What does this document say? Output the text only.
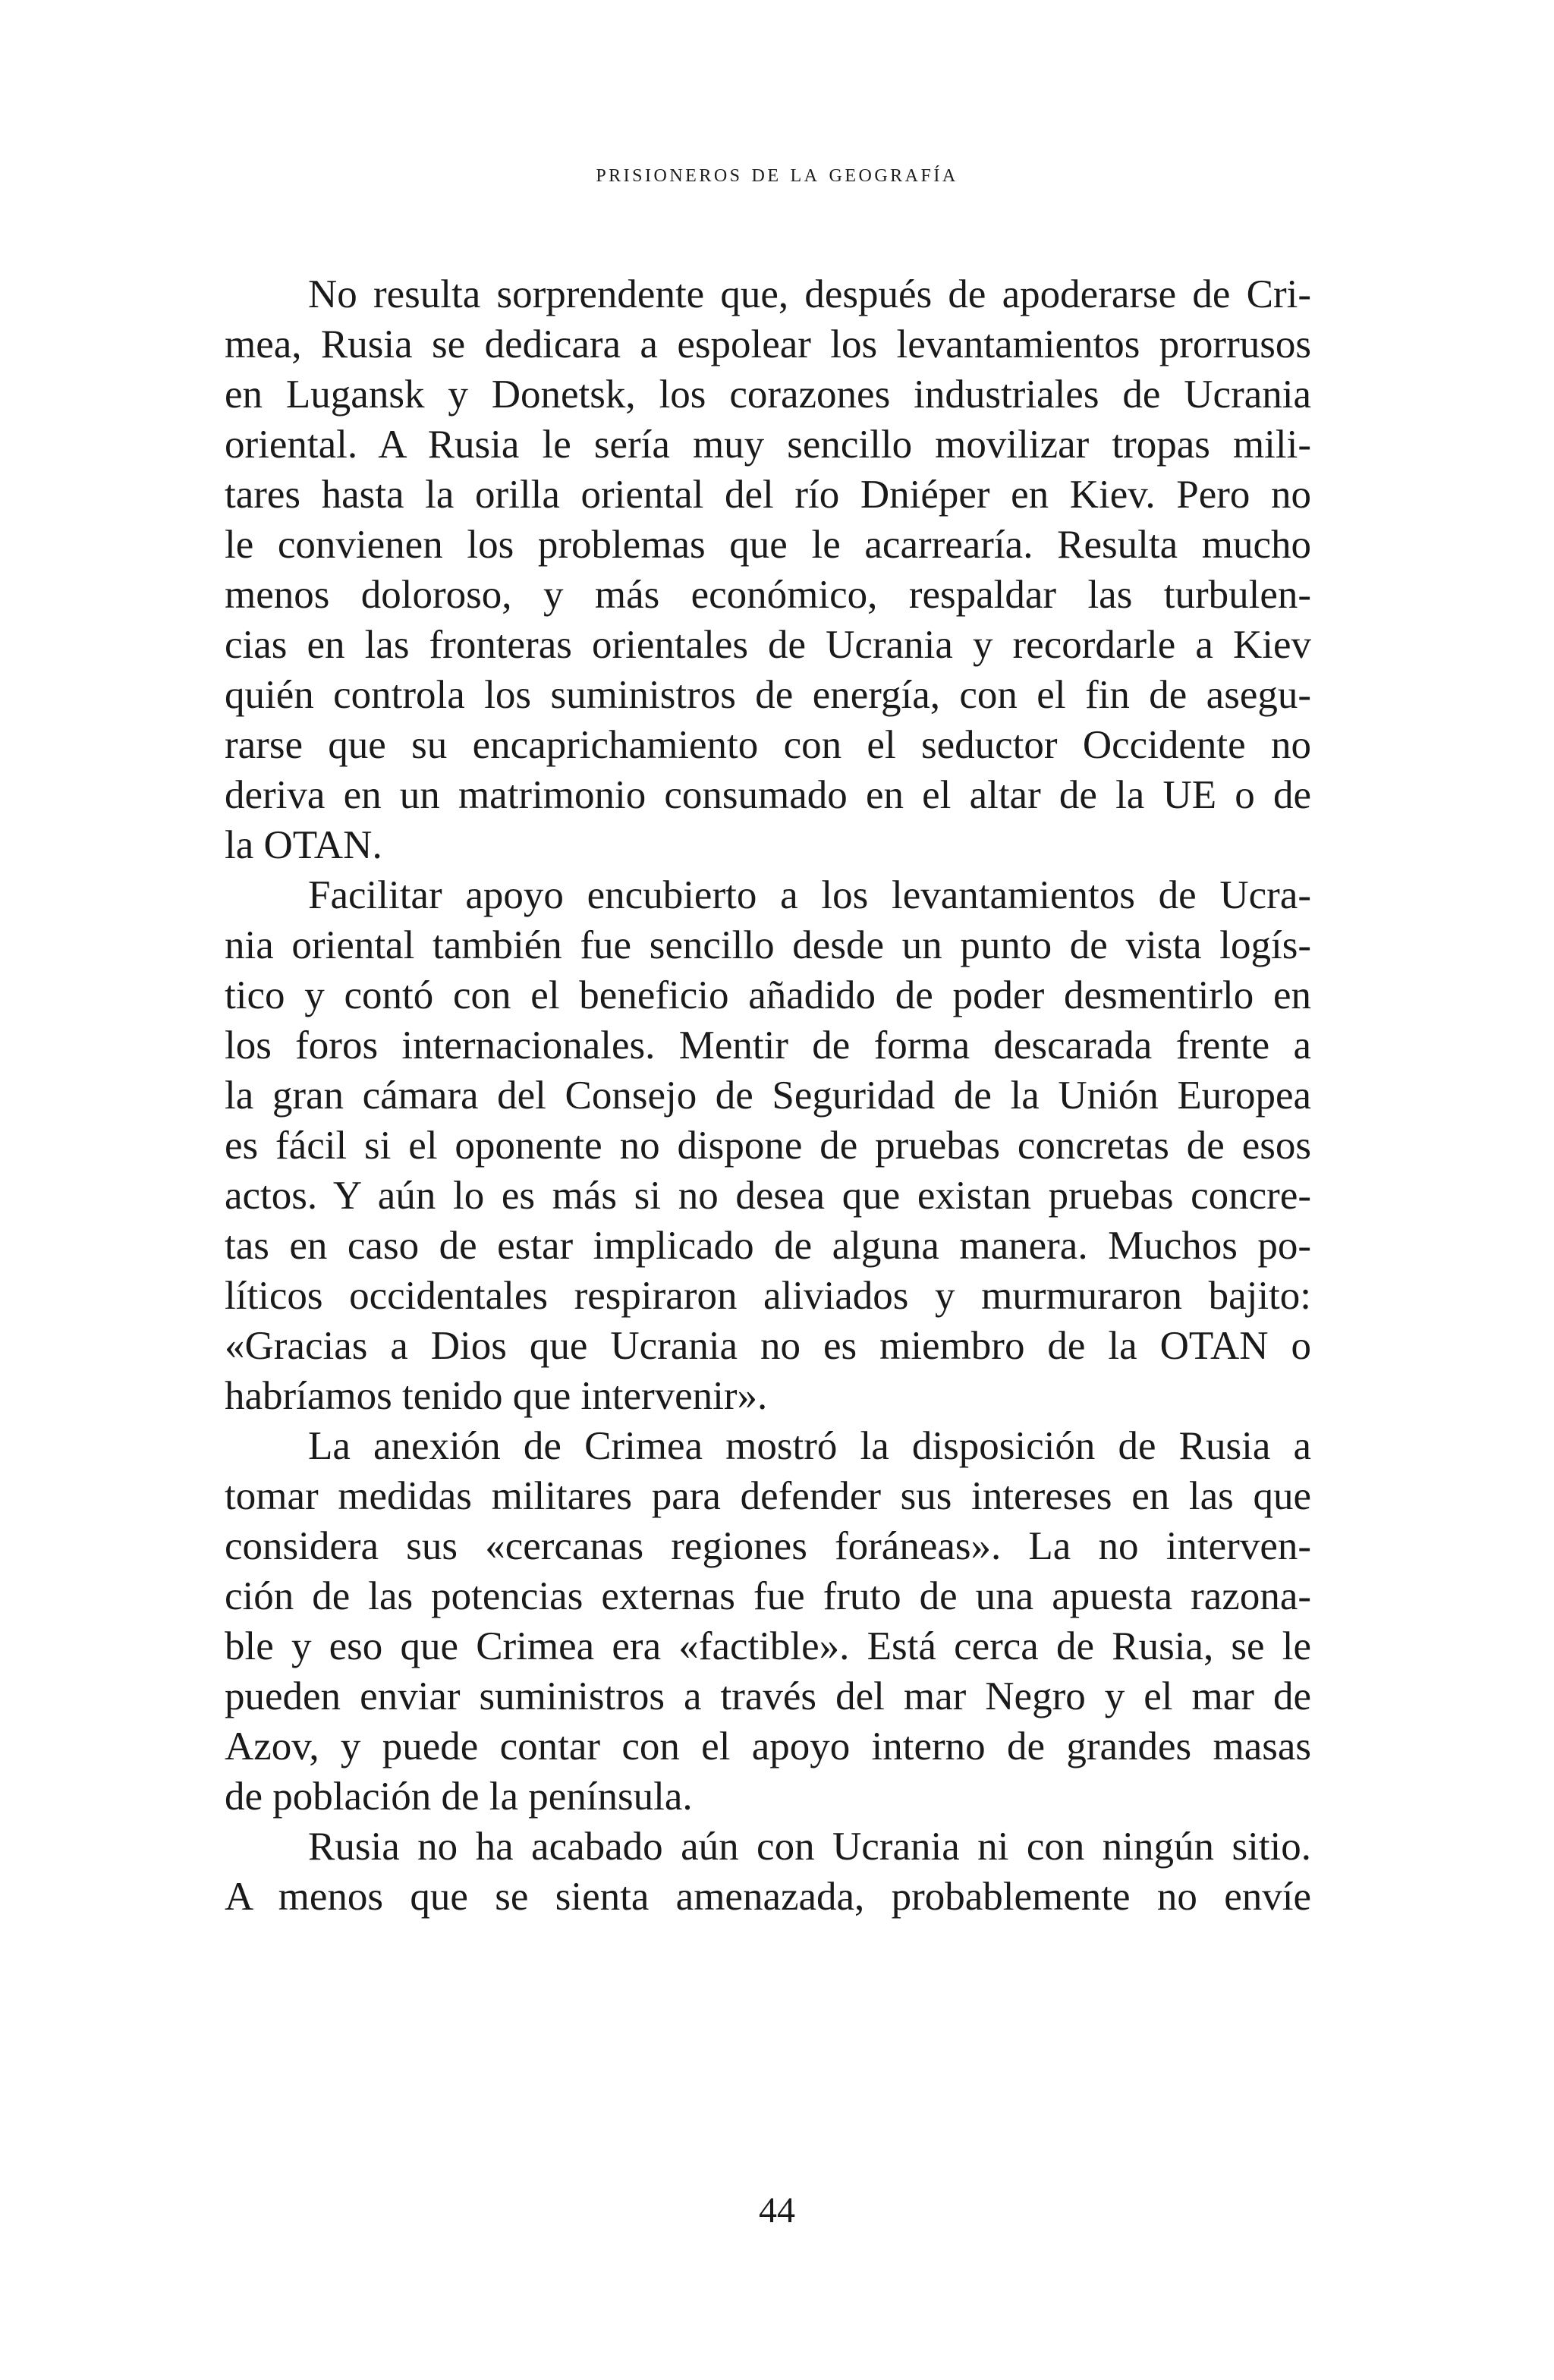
prisioneros de la geografía
No resulta sorprendente que, después de apoderarse de Cri-
mea, Rusia se dedicara a espolear los levantamientos prorrusos
en Lugansk y Donetsk, los corazones industriales de Ucrania
oriental. A Rusia le sería muy sencillo movilizar tropas mili-
tares hasta la orilla oriental del río Dniéper en Kiev. Pero no
le convienen los problemas que le acarrearía. Resulta mucho
menos doloroso, y más económico, respaldar las turbulen-
cias en las fronteras orientales de Ucrania y recordarle a Kiev
quién controla los suministros de energía, con el fin de asegu-
rarse que su encaprichamiento con el seductor Occidente no
deriva en un matrimonio consumado en el altar de la UE o de
la OTAN.
Facilitar apoyo encubierto a los levantamientos de Ucra-
nia oriental también fue sencillo desde un punto de vista logís-
tico y contó con el beneficio añadido de poder desmentirlo en
los foros internacionales. Mentir de forma descarada frente a
la gran cámara del Consejo de Seguridad de la Unión Europea
es fácil si el oponente no dispone de pruebas concretas de esos
actos. Y aún lo es más si no desea que existan pruebas concre-
tas en caso de estar implicado de alguna manera. Muchos po-
líticos occidentales respiraron aliviados y murmuraron bajito:
«Gracias a Dios que Ucrania no es miembro de la OTAN o
habríamos tenido que intervenir».
La anexión de Crimea mostró la disposición de Rusia a
tomar medidas militares para defender sus intereses en las que
considera sus «cercanas regiones foráneas». La no interven-
ción de las potencias externas fue fruto de una apuesta razona-
ble y eso que Crimea era «factible». Está cerca de Rusia, se le
pueden enviar suministros a través del mar Negro y el mar de
Azov, y puede contar con el apoyo interno de grandes masas
de población de la península.
Rusia no ha acabado aún con Ucrania ni con ningún sitio.
A menos que se sienta amenazada, probablemente no envíe
44
